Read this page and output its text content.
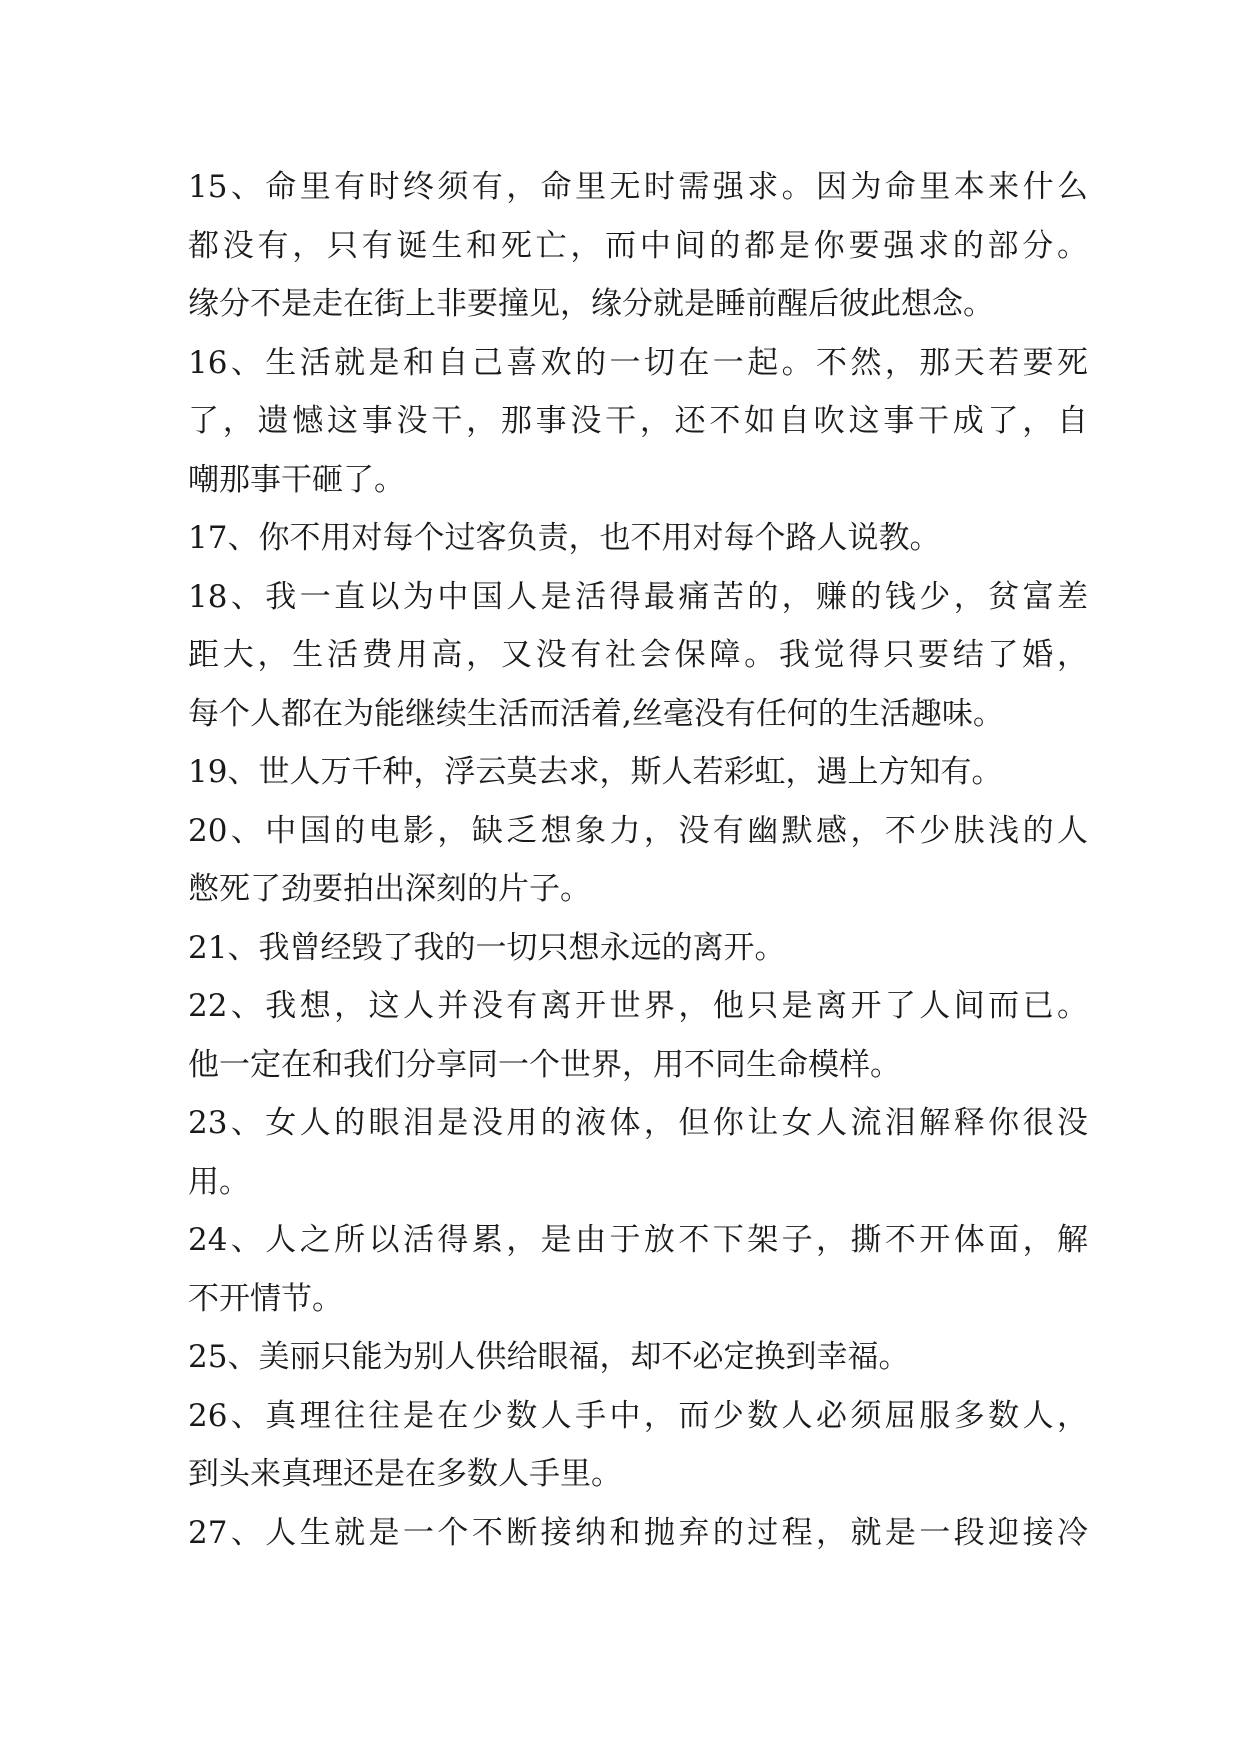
15、命里有时终须有，命里无时需强求。因为命里本来什么
都没有，只有诞生和死亡，而中间的都是你要强求的部分。
缘分不是走在街上非要撞见，缘分就是睡前醒后彼此想念。
16、生活就是和自己喜欢的一切在一起。不然，那天若要死
了，遗憾这事没干，那事没干，还不如自吹这事干成了，自
嘲那事干砸了。
17、你不用对每个过客负责，也不用对每个路人说教。
18、我一直以为中国人是活得最痛苦的，赚的钱少，贫富差
距大，生活费用高，又没有社会保障。我觉得只要结了婚，
每个人都在为能继续生活而活着,丝毫没有任何的生活趣味。
19、世人万千种，浮云莫去求，斯人若彩虹，遇上方知有。
20、中国的电影，缺乏想象力，没有幽默感，不少肤浅的人
憋死了劲要拍出深刻的片子。
21、我曾经毁了我的一切只想永远的离开。
22、我想，这人并没有离开世界，他只是离开了人间而已。
他一定在和我们分享同一个世界，用不同生命模样。
23、女人的眼泪是没用的液体，但你让女人流泪解释你很没
用。
24、人之所以活得累，是由于放不下架子，撕不开体面，解
不开情节。
25、美丽只能为别人供给眼福，却不必定换到幸福。
26、真理往往是在少数人手中，而少数人必须屈服多数人，
到头来真理还是在多数人手里。
27、人生就是一个不断接纳和抛弃的过程，就是一段迎接冷
